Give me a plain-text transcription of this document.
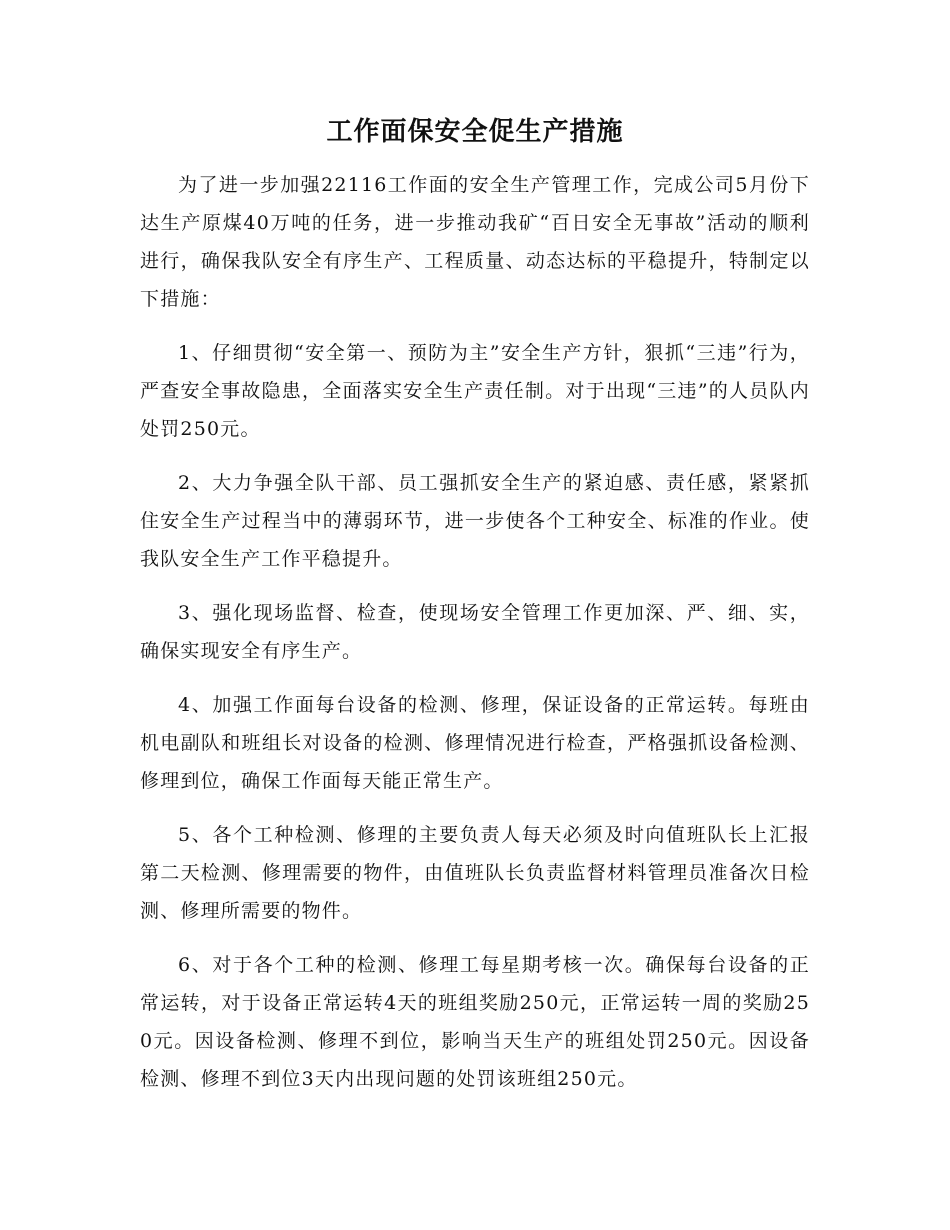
工作面保安全促生产措施

为了进一步加强22116工作面的安全生产管理工作，完成公司5月份下达生产原煤40万吨的任务，进一步推动我矿“百日安全无事故”活动的顺利进行，确保我队安全有序生产、工程质量、动态达标的平稳提升，特制定以下措施：

1、仔细贯彻“安全第一、预防为主”安全生产方针，狠抓“三违”行为，严查安全事故隐患，全面落实安全生产责任制。对于出现“三违”的人员队内处罚250元。

2、大力争强全队干部、员工强抓安全生产的紧迫感、责任感，紧紧抓住安全生产过程当中的薄弱环节，进一步使各个工种安全、标准的作业。使我队安全生产工作平稳提升。

3、强化现场监督、检查，使现场安全管理工作更加深、严、细、实，确保实现安全有序生产。

4、加强工作面每台设备的检测、修理，保证设备的正常运转。每班由机电副队和班组长对设备的检测、修理情况进行检查，严格强抓设备检测、修理到位，确保工作面每天能正常生产。

5、各个工种检测、修理的主要负责人每天必须及时向值班队长上汇报第二天检测、修理需要的物件，由值班队长负责监督材料管理员准备次日检测、修理所需要的物件。

6、对于各个工种的检测、修理工每星期考核一次。确保每台设备的正常运转，对于设备正常运转4天的班组奖励250元，正常运转一周的奖励250元。因设备检测、修理不到位，影响当天生产的班组处罚250元。因设备检测、修理不到位3天内出现问题的处罚该班组250元。
